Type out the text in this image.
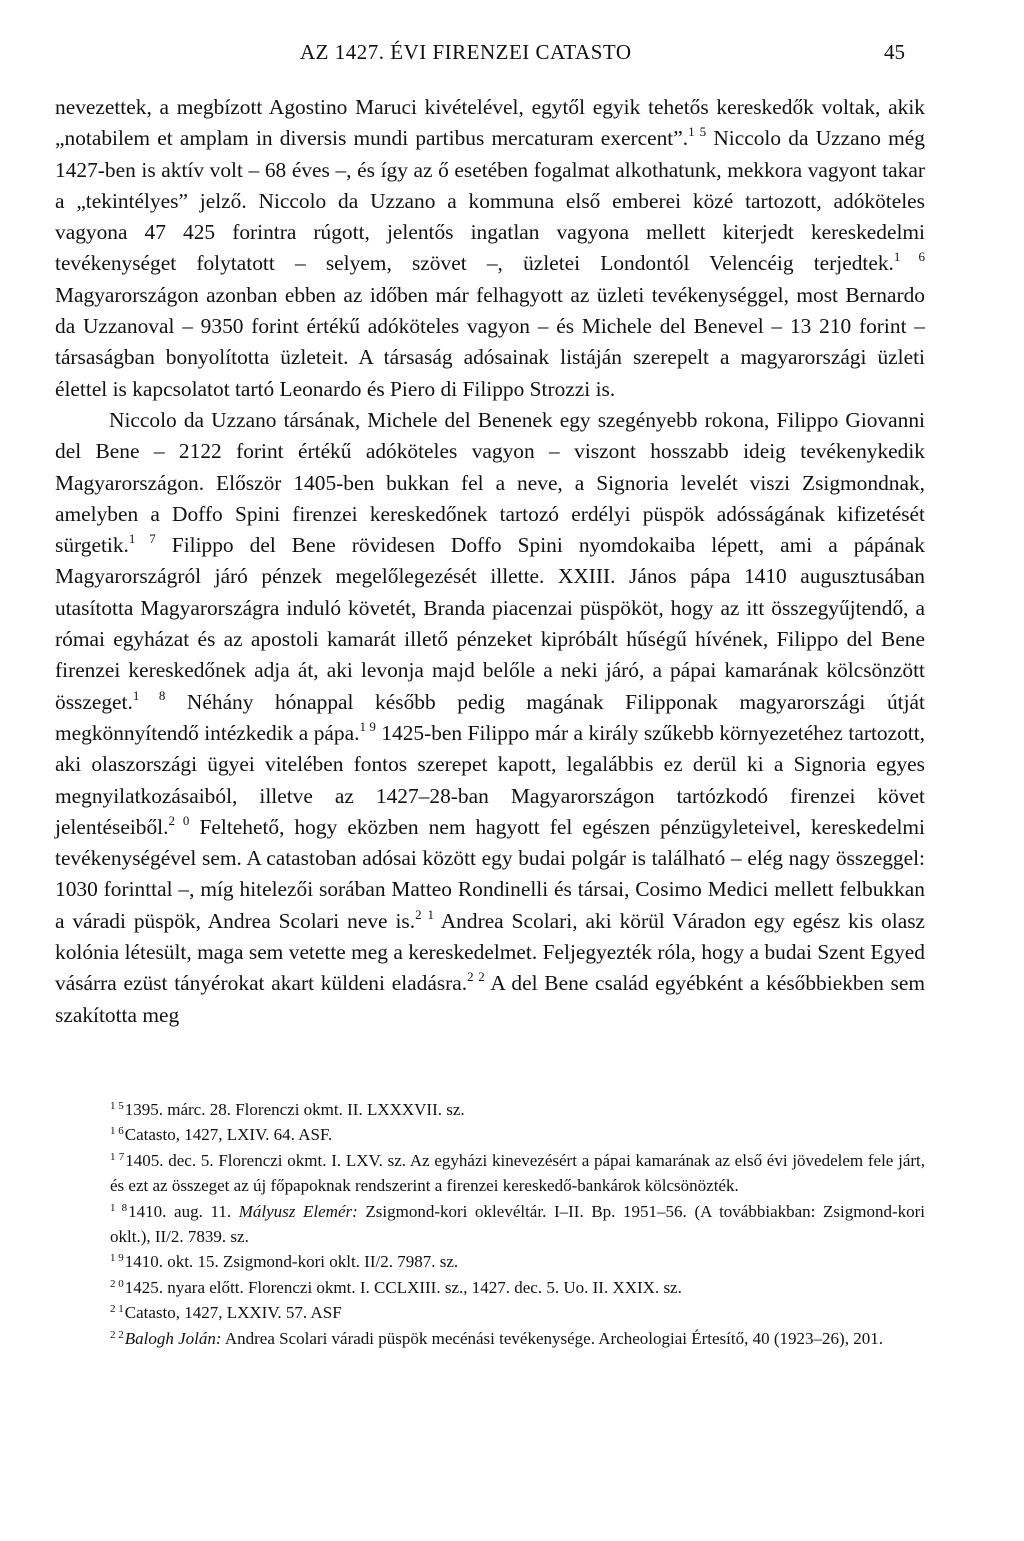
AZ 1427. ÉVI FIRENZEI CATASTO	45

nevezettek, a megbízott Agostino Maruci kivételével, egytől egyik tehetős kereskedők voltak, akik „notabilem et amplam in diversis mundi partibus mercaturam exercent”.$^{1 5}$ Niccolo da Uzzano még 1427-ben is aktív volt – 68 éves –, és így az ő esetében fogalmat alkothatunk, mekkora vagyont takar a „tekintélyes” jelző. Niccolo da Uzzano a kommuna első emberei közé tartozott, adóköteles vagyona 47 425 forintra rúgott, jelentős ingatlan vagyona mellett kiterjedt kereskedelmi tevékenységet folytatott – selyem, szövet –, üzletei Londontól Velencéig terjedtek.$^{1 6}$ Magyarországon azonban ebben az időben már felhagyott az üzleti tevékenységgel, most Bernardo da Uzzanoval – 9350 forint értékű adóköteles vagyon – és Michele del Benevel – 13 210 forint – társaságban bonyolította üzleteit. A társaság adósainak listáján szerepelt a magyarországi üzleti élettel is kapcsolatot tartó Leonardo és Piero di Filippo Strozzi is.

Niccolo da Uzzano társának, Michele del Benenek egy szegényebb rokona, Filippo Giovanni del Bene – 2122 forint értékű adóköteles vagyon – viszont hosszabb ideig tevékenykedik Magyarországon. Először 1405-ben bukkan fel a neve, a Signoria levelét viszi Zsigmondnak, amelyben a Doffo Spini firenzei kereskedőnek tartozó erdélyi püspök adósságának kifizetését sürgetik.$^{1 7}$ Filippo del Bene rövidesen Doffo Spini nyomdokaiba lépett, ami a pápának Magyarországról járó pénzek megelőlegezését illette. XXIII. János pápa 1410 augusztusában utasította Magyarországra induló követét, Branda piacenzai püspököt, hogy az itt összegyűjtendő, a római egyházat és az apostoli kamarát illető pénzeket kipróbált hűségű hívének, Filippo del Bene firenzei kereskedőnek adja át, aki levonja majd belőle a neki járó, a pápai kamarának kölcsönzött összeget.$^{1 8}$ Néhány hónappal később pedig magának Filipponak magyarországi útját megkönnyítendő intézkedik a pápa.$^{1 9}$ 1425-ben Filippo már a király szűkebb környezetéhez tartozott, aki olaszországi ügyei vitelében fontos szerepet kapott, legalábbis ez derül ki a Signoria egyes megnyilatkozásaiból, illetve az 1427–28-ban Magyarországon tartózkodó firenzei követ jelentéseiből.$^{2 0}$ Feltehető, hogy eközben nem hagyott fel egészen pénzügyleteivel, kereskedelmi tevékenységével sem. A catastoban adósai között egy budai polgár is található – elég nagy összeggel: 1030 forinttal –, míg hitelezői sorában Matteo Rondinelli és társai, Cosimo Medici mellett felbukkan a váradi püspök, Andrea Scolari neve is.$^{2 1}$ Andrea Scolari, aki körül Váradon egy egész kis olasz kolónia létesült, maga sem vetette meg a kereskedelmet. Feljegyezték róla, hogy a budai Szent Egyed vásárra ezüst tányérokat akart küldeni eladásra.$^{2 2}$ A del Bene család egyébként a későbbiekben sem szakította meg

$^{1 5}$1395. márc. 28. Florenczi okmt. II. LXXXVII. sz.

$^{1 6}$Catasto, 1427, LXIV. 64. ASF.

$^{1 7}$1405. dec. 5. Florenczi okmt. I. LXV. sz. Az egyházi kinevezésért a pápai kamarának az első évi jövedelem fele járt, és ezt az összeget az új főpapoknak rendszerint a firenzei kereskedő-bankárok kölcsönözték.

$^{1 8}$1410. aug. 11. Mályusz Elemér: Zsigmond-kori oklevéltár. I–II. Bp. 1951–56. (A továbbiakban: Zsigmond-kori oklt.), II/2. 7839. sz.

$^{1 9}$1410. okt. 15. Zsigmond-kori oklt. II/2. 7987. sz.

$^{2 0}$1425. nyara előtt. Florenczi okmt. I. CCLXIII. sz., 1427. dec. 5. Uo. II. XXIX. sz.

$^{2 1}$Catasto, 1427, LXXIV. 57. ASF

$^{2 2}$Balogh Jolán: Andrea Scolari váradi püspök mecénási tevékenysége. Archeologiai Értesítő, 40 (1923–26), 201.
